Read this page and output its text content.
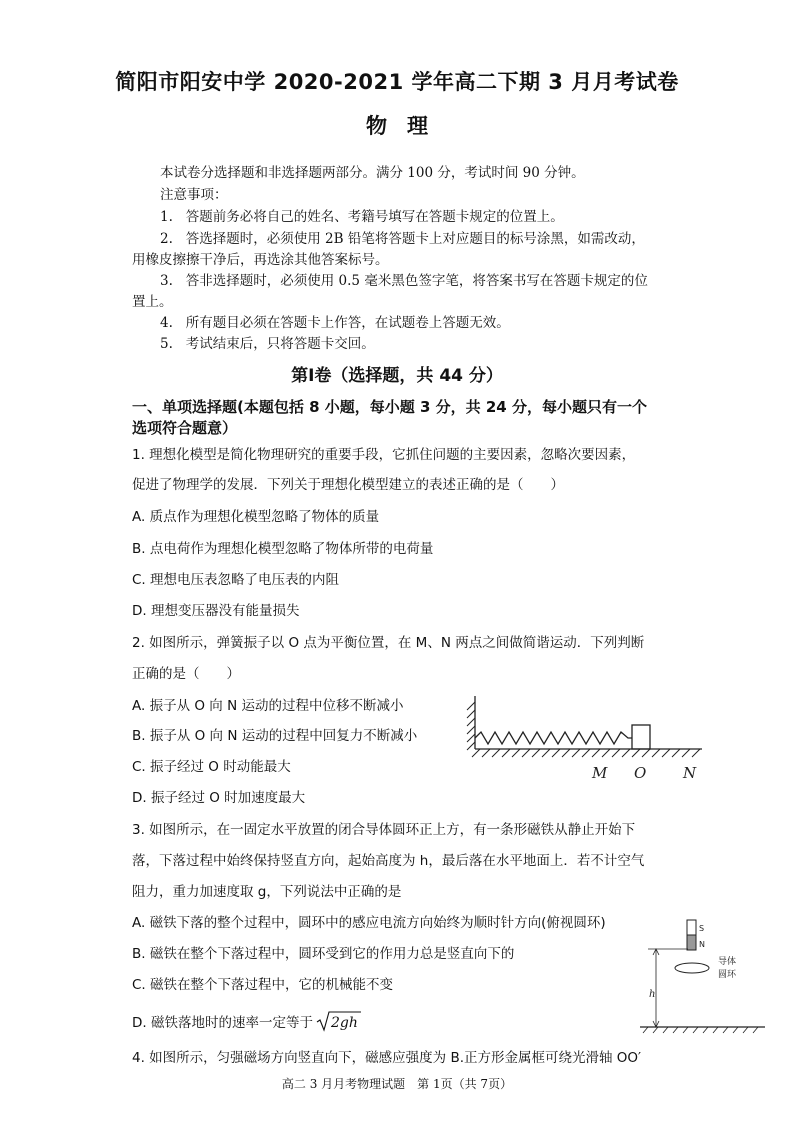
简阳市阳安中学 2020-2021 学年高二下期 3 月月考试卷
物 理
本试卷分选择题和非选择题两部分。满分 100 分，考试时间 90 分钟。
注意事项：
1. 答题前务必将自己的姓名、考籍号填写在答题卡规定的位置上。
2. 答选择题时，必须使用 2B 铅笔将答题卡上对应题目的标号涂黑，如需改动，
用橡皮擦擦干净后，再选涂其他答案标号。
3. 答非选择题时，必须使用 0.5 毫米黑色签字笔，将答案书写在答题卡规定的位
置上。
4. 所有题目必须在答题卡上作答，在试题卷上答题无效。
5. 考试结束后，只将答题卡交回。
第Ⅰ卷（选择题，共 44 分）
一、单项选择题(本题包括 8 小题，每小题 3 分，共 24 分，每小题只有一个
选项符合题意）
1. 理想化模型是简化物理研究的重要手段，它抓住问题的主要因素，忽略次要因素，
促进了物理学的发展．下列关于理想化模型建立的表述正确的是（　　）
A. 质点作为理想化模型忽略了物体的质量
B. 点电荷作为理想化模型忽略了物体所带的电荷量
C. 理想电压表忽略了电压表的内阻
D. 理想变压器没有能量损失
2. 如图所示，弹簧振子以 O 点为平衡位置，在 M、N 两点之间做简谐运动．下列判断
正确的是（　　）
A. 振子从 O 向 N 运动的过程中位移不断减小
B. 振子从 O 向 N 运动的过程中回复力不断减小
C. 振子经过 O 时动能最大
D. 振子经过 O 时加速度最大
M O N
3. 如图所示，在一固定水平放置的闭合导体圆环正上方，有一条形磁铁从静止开始下
落，下落过程中始终保持竖直方向，起始高度为 h，最后落在水平地面上．若不计空气
阻力，重力加速度取 g，下列说法中正确的是
A. 磁铁下落的整个过程中，圆环中的感应电流方向始终为顺时针方向(俯视圆环)
B. 磁铁在整个下落过程中，圆环受到它的作用力总是竖直向下的
C. 磁铁在整个下落过程中，它的机械能不变
D. 磁铁落地时的速率一定等于 2gh
S
N
h
导体
圆环
4. 如图所示，匀强磁场方向竖直向下，磁感应强度为 B.正方形金属框可绕光滑轴 OO′
高二 3 月月考物理试题　第 1页（共 7页）
